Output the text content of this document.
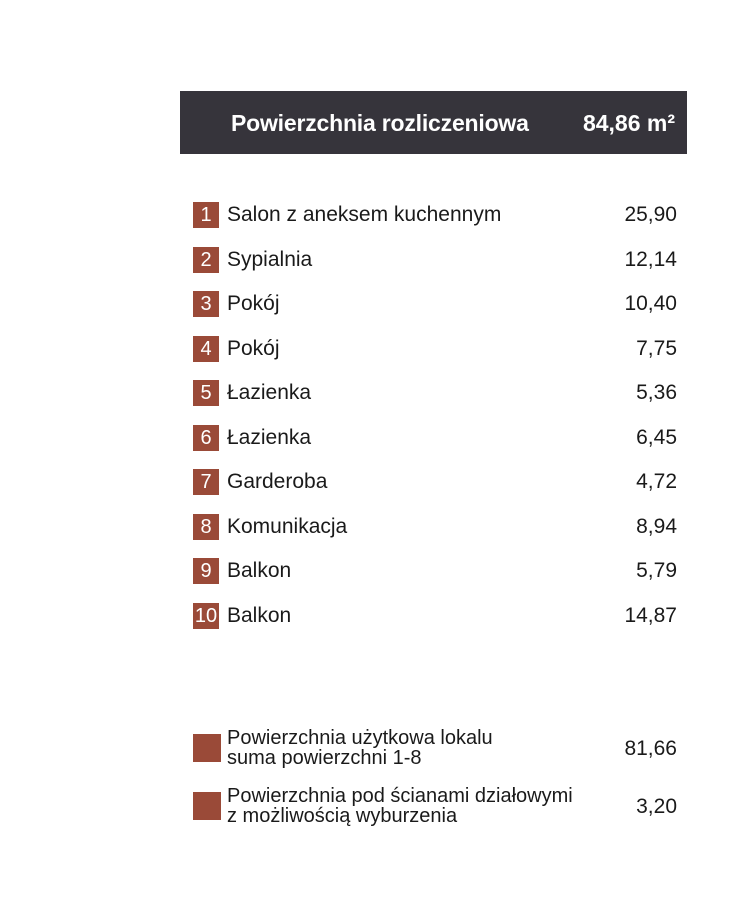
Powierzchnia rozliczeniowa 84,86 m²
1 Salon z aneksem kuchennym	25,90
2 Sypialnia	12,14
3 Pokój	10,40
4 Pokój	7,75
5 Łazienka	5,36
6 Łazienka	6,45
7 Garderoba	4,72
8 Komunikacja	8,94
9 Balkon	5,79
10 Balkon	14,87
Powierzchnia użytkowa lokalu
suma powierzchni 1-8	81,66
Powierzchnia pod ścianami działowymi
z możliwością wyburzenia	3,20
